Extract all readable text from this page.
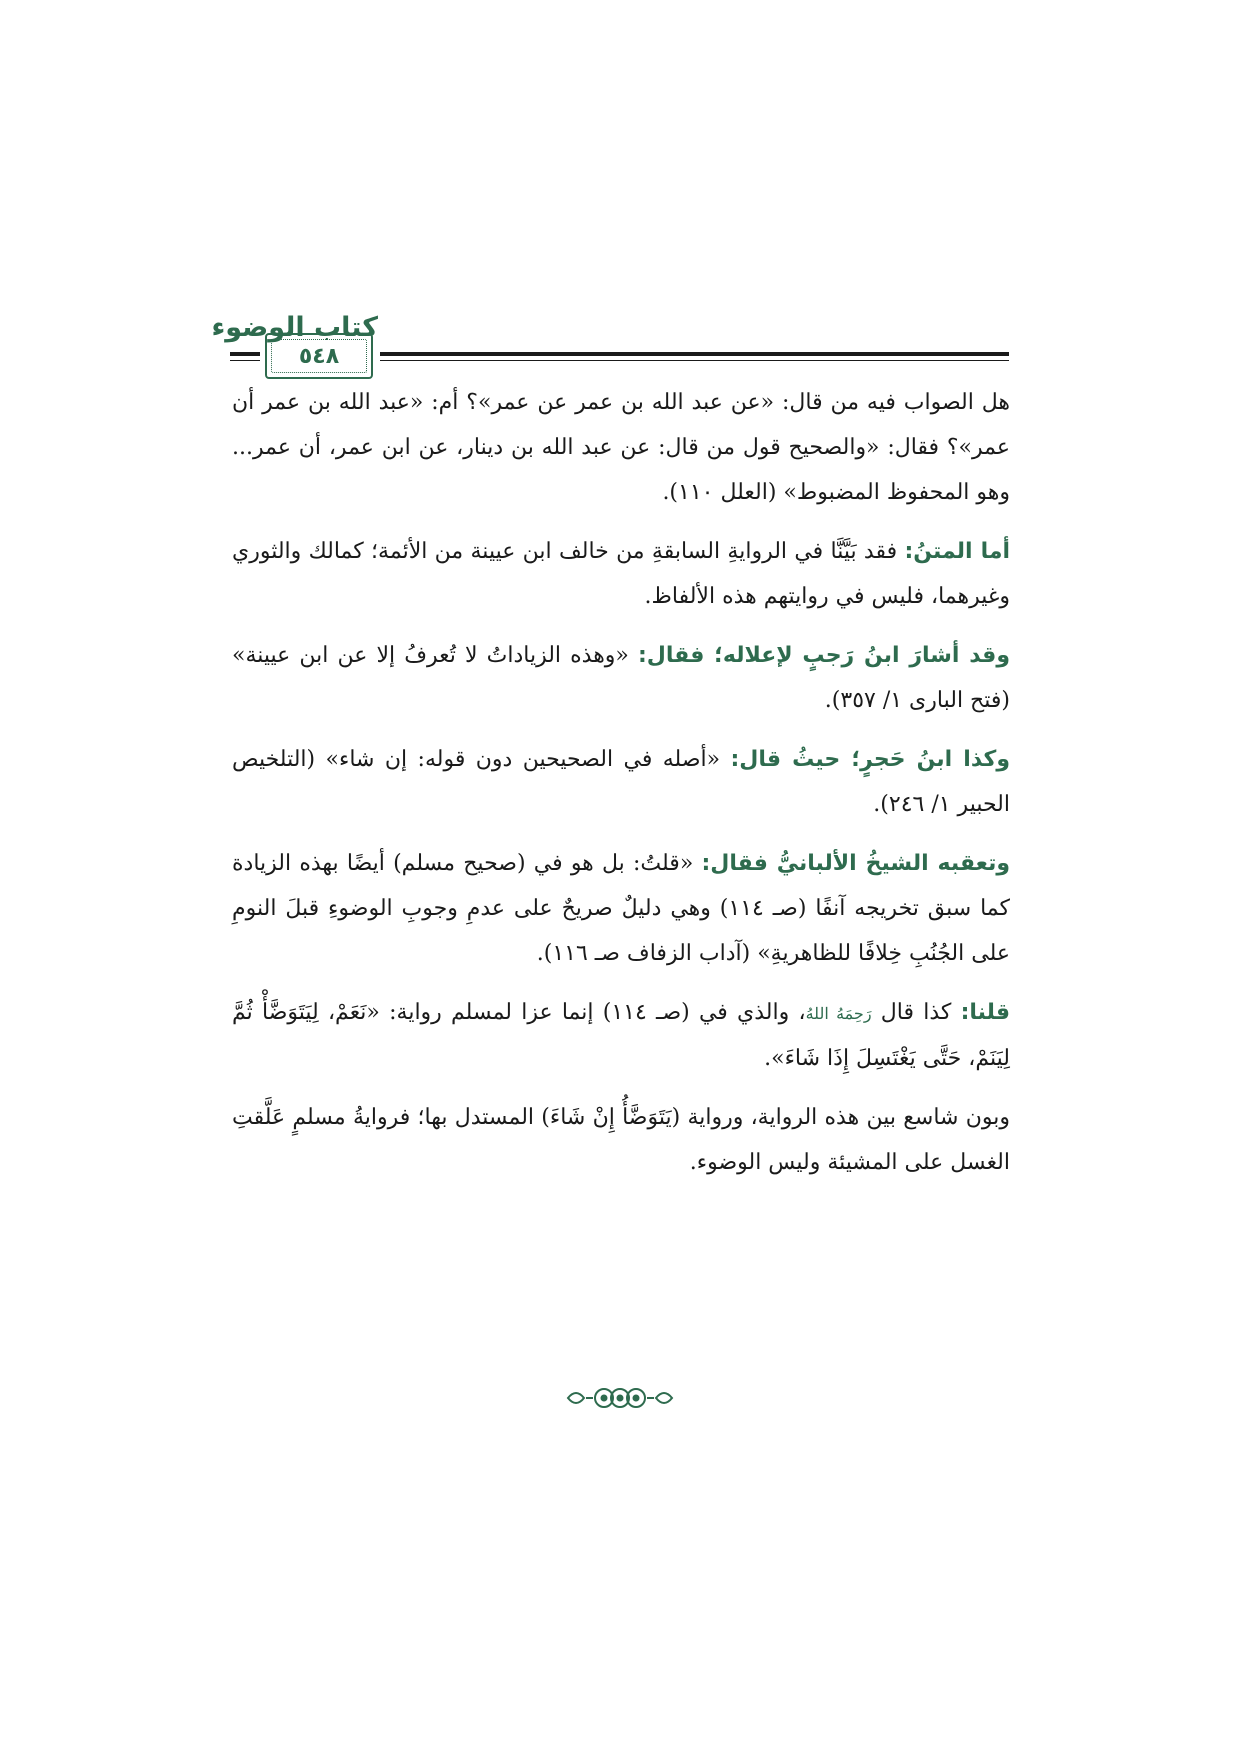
كتاب الوضوء
٥٤٨

هل الصواب فيه من قال: «عن عبد الله بن عمر عن عمر»؟ أم: «عبد الله بن عمر أن عمر»؟ فقال: «والصحيح قول من قال: عن عبد الله بن دينار، عن ابن عمر، أن عمر... وهو المحفوظ المضبوط» (العلل ١١٠).

أما المتنُ: فقد بَيَّنَّا في الروايةِ السابقةِ من خالف ابن عيينة من الأئمة؛ كمالك والثوري وغيرهما، فليس في روايتهم هذه الألفاظ.

وقد أشارَ ابنُ رَجبٍ لإعلاله؛ فقال: «وهذه الزياداتُ لا تُعرفُ إلا عن ابن عيينة» (فتح البارى ١/ ٣٥٧).

وكذا ابنُ حَجرٍ؛ حيثُ قال: «أصله في الصحيحين دون قوله: إن شاء» (التلخيص الحبير ١/ ٢٤٦).

وتعقبه الشيخُ الألبانيُّ فقال: «قلتُ: بل هو في (صحيح مسلم) أيضًا بهذه الزيادة كما سبق تخريجه آنفًا (صـ ١١٤) وهي دليلٌ صريحٌ على عدمِ وجوبِ الوضوءِ قبلَ النومِ على الجُنُبِ خِلافًا للظاهريةِ» (آداب الزفاف صـ ١١٦).

قلنا: كذا قال رَحِمَهُ اللهُ، والذي في (صـ ١١٤) إنما عزا لمسلم رواية: «نَعَمْ، لِيَتَوَضَّأْ ثُمَّ لِيَنَمْ، حَتَّى يَغْتَسِلَ إِذَا شَاءَ».

وبون شاسع بين هذه الرواية، ورواية (يَتَوَضَّأُ إِنْ شَاءَ) المستدل بها؛ فروايةُ مسلمٍ عَلَّقتِ الغسل على المشيئة وليس الوضوء.
